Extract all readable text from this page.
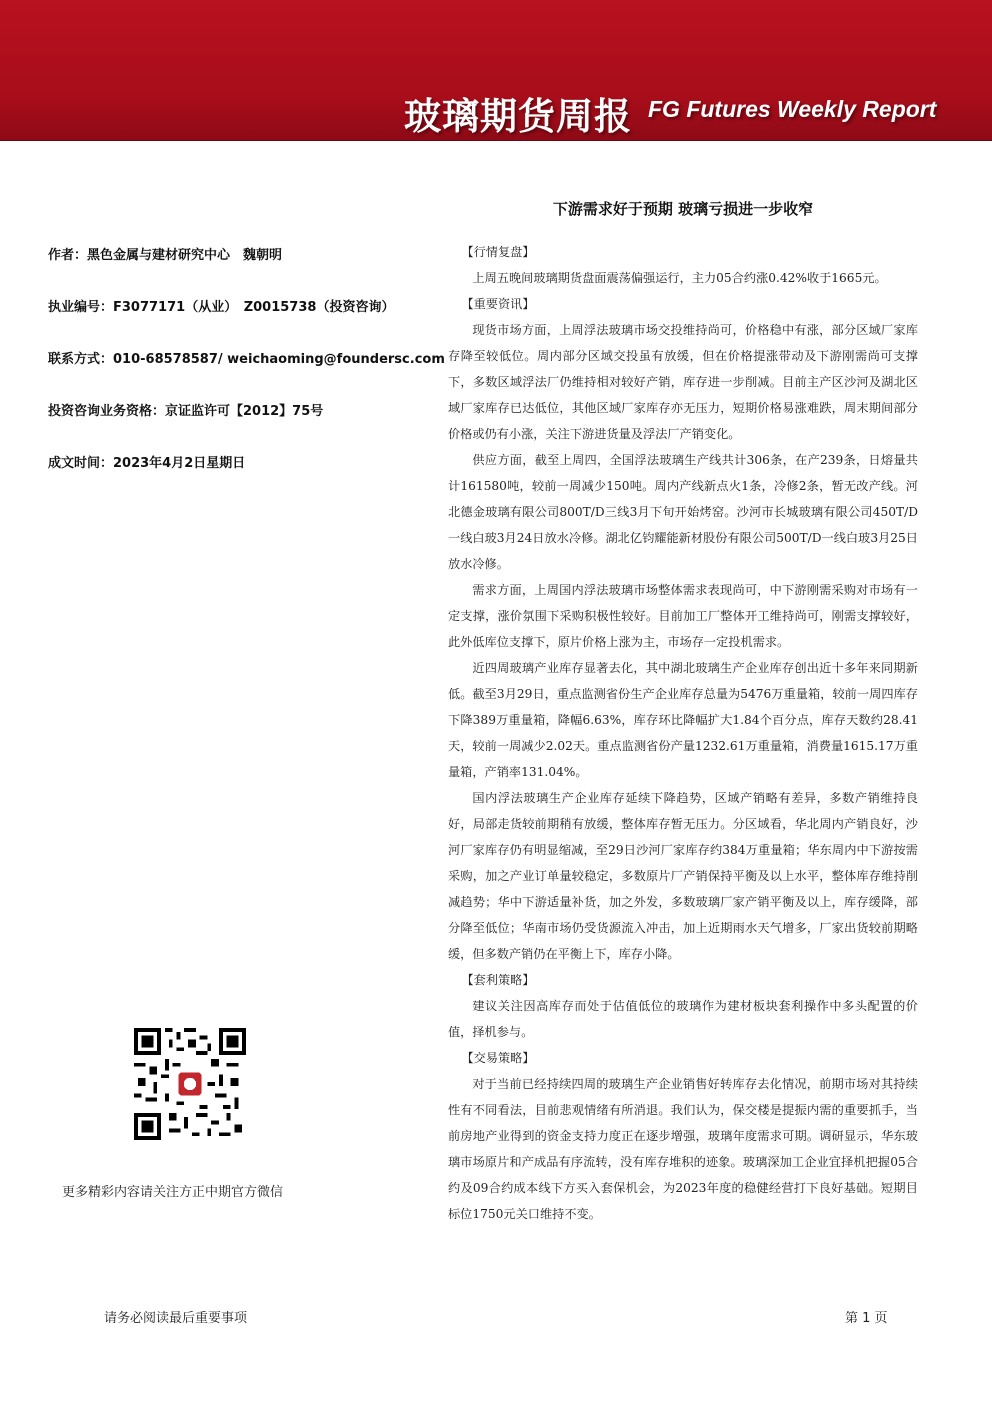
玻璃期货周报 FG Futures Weekly Report
下游需求好于预期 玻璃亏损进一步收窄
作者：黑色金属与建材研究中心　魏朝明
执业编号：F3077171（从业）　Z0015738（投资咨询）
联系方式：010-68578587/ weichaoming@foundersc.com
投资咨询业务资格：京证监许可【2012】75号
成文时间：2023年4月2日星期日
更多精彩内容请关注方正中期官方微信
【行情复盘】

上周五晚间玻璃期货盘面震荡偏强运行，主力05合约涨0.42%收于1665元。

【重要资讯】

现货市场方面，上周浮法玻璃市场交投维持尚可，价格稳中有涨，部分区域厂家库存降至较低位。周内部分区域交投虽有放缓，但在价格提涨带动及下游刚需尚可支撑下，多数区域浮法厂仍维持相对较好产销，库存进一步削减。目前主产区沙河及湖北区域厂家库存已达低位，其他区域厂家库存亦无压力，短期价格易涨难跌，周末期间部分价格或仍有小涨，关注下游进货量及浮法厂产销变化。

供应方面，截至上周四，全国浮法玻璃生产线共计306条，在产239条，日熔量共计161580吨，较前一周减少150吨。周内产线新点火1条，冷修2条，暂无改产线。河北德金玻璃有限公司800T/D三线3月下旬开始烤窑。沙河市长城玻璃有限公司450T/D一线白玻3月24日放水冷修。湖北亿钧耀能新材股份有限公司500T/D一线白玻3月25日放水冷修。

需求方面，上周国内浮法玻璃市场整体需求表现尚可，中下游刚需采购对市场有一定支撑，涨价氛围下采购积极性较好。目前加工厂整体开工维持尚可，刚需支撑较好，此外低库位支撑下，原片价格上涨为主，市场存一定投机需求。

近四周玻璃产业库存显著去化，其中湖北玻璃生产企业库存创出近十多年来同期新低。截至3月29日，重点监测省份生产企业库存总量为5476万重量箱，较前一周四库存下降389万重量箱，降幅6.63%，库存环比降幅扩大1.84个百分点，库存天数约28.41天，较前一周减少2.02天。重点监测省份产量1232.61万重量箱，消费量1615.17万重量箱，产销率131.04%。

国内浮法玻璃生产企业库存延续下降趋势，区域产销略有差异，多数产销维持良好，局部走货较前期稍有放缓，整体库存暂无压力。分区域看，华北周内产销良好，沙河厂家库存仍有明显缩减，至29日沙河厂家库存约384万重量箱；华东周内中下游按需采购，加之产业订单量较稳定，多数原片厂产销保持平衡及以上水平，整体库存维持削减趋势；华中下游适量补货，加之外发，多数玻璃厂家产销平衡及以上，库存缓降，部分降至低位；华南市场仍受货源流入冲击，加上近期雨水天气增多，厂家出货较前期略缓，但多数产销仍在平衡上下，库存小降。

【套利策略】

建议关注因高库存而处于估值低位的玻璃作为建材板块套利操作中多头配置的价值，择机参与。

【交易策略】

对于当前已经持续四周的玻璃生产企业销售好转库存去化情况，前期市场对其持续性有不同看法，目前悲观情绪有所消退。我们认为，保交楼是提振内需的重要抓手，当前房地产业得到的资金支持力度正在逐步增强，玻璃年度需求可期。调研显示，华东玻璃市场原片和产成品有序流转，没有库存堆积的迹象。玻璃深加工企业宜择机把握05合约及09合约成本线下方买入套保机会，为2023年度的稳健经营打下良好基础。短期目标位1750元关口维持不变。

请务必阅读最后重要事项	第 1 页
